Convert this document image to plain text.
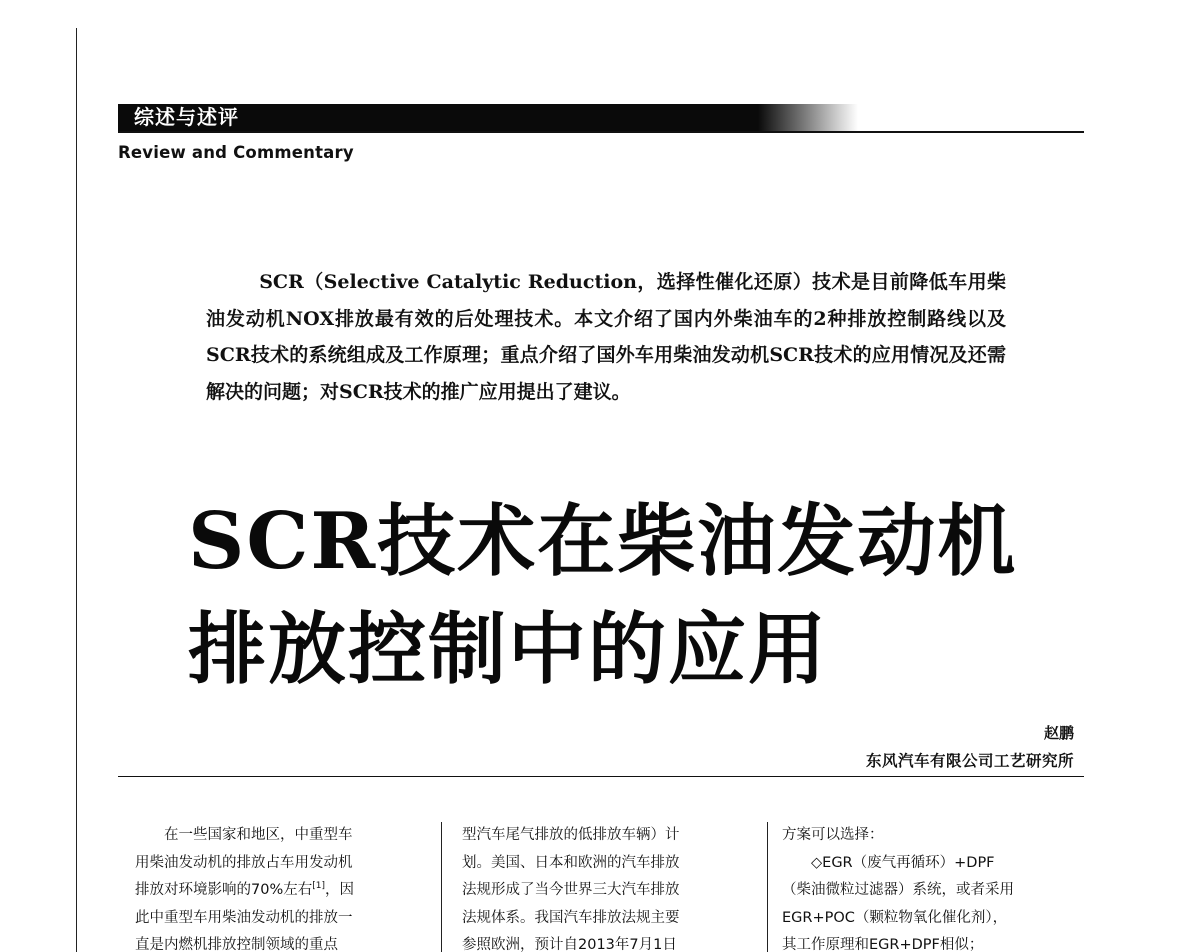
综述与述评
Review and Commentary
SCR（Selective Catalytic Reduction，选择性催化还原）技术是目前降低车用柴油发动机NOX排放最有效的后处理技术。本文介绍了国内外柴油车的2种排放控制路线以及SCR技术的系统组成及工作原理；重点介绍了国外车用柴油发动机SCR技术的应用情况及还需解决的问题；对SCR技术的推广应用提出了建议。
SCR技术在柴油发动机
排放控制中的应用
赵鹏
东风汽车有限公司工艺研究所

在一些国家和地区，中重型车

用柴油发动机的排放占车用发动机

排放对环境影响的70%左右[1]，因

此中重型车用柴油发动机的排放一

直是内燃机排放控制领域的重点

型汽车尾气排放的低排放车辆）计

划。美国、日本和欧洲的汽车排放

法规形成了当今世界三大汽车排放

法规体系。我国汽车排放法规主要

参照欧洲，预计自2013年7月1日

方案可以选择：

◇EGR（废气再循环）+DPF

（柴油微粒过滤器）系统，或者采用

EGR+POC（颗粒物氧化催化剂），

其工作原理和EGR+DPF相似；
